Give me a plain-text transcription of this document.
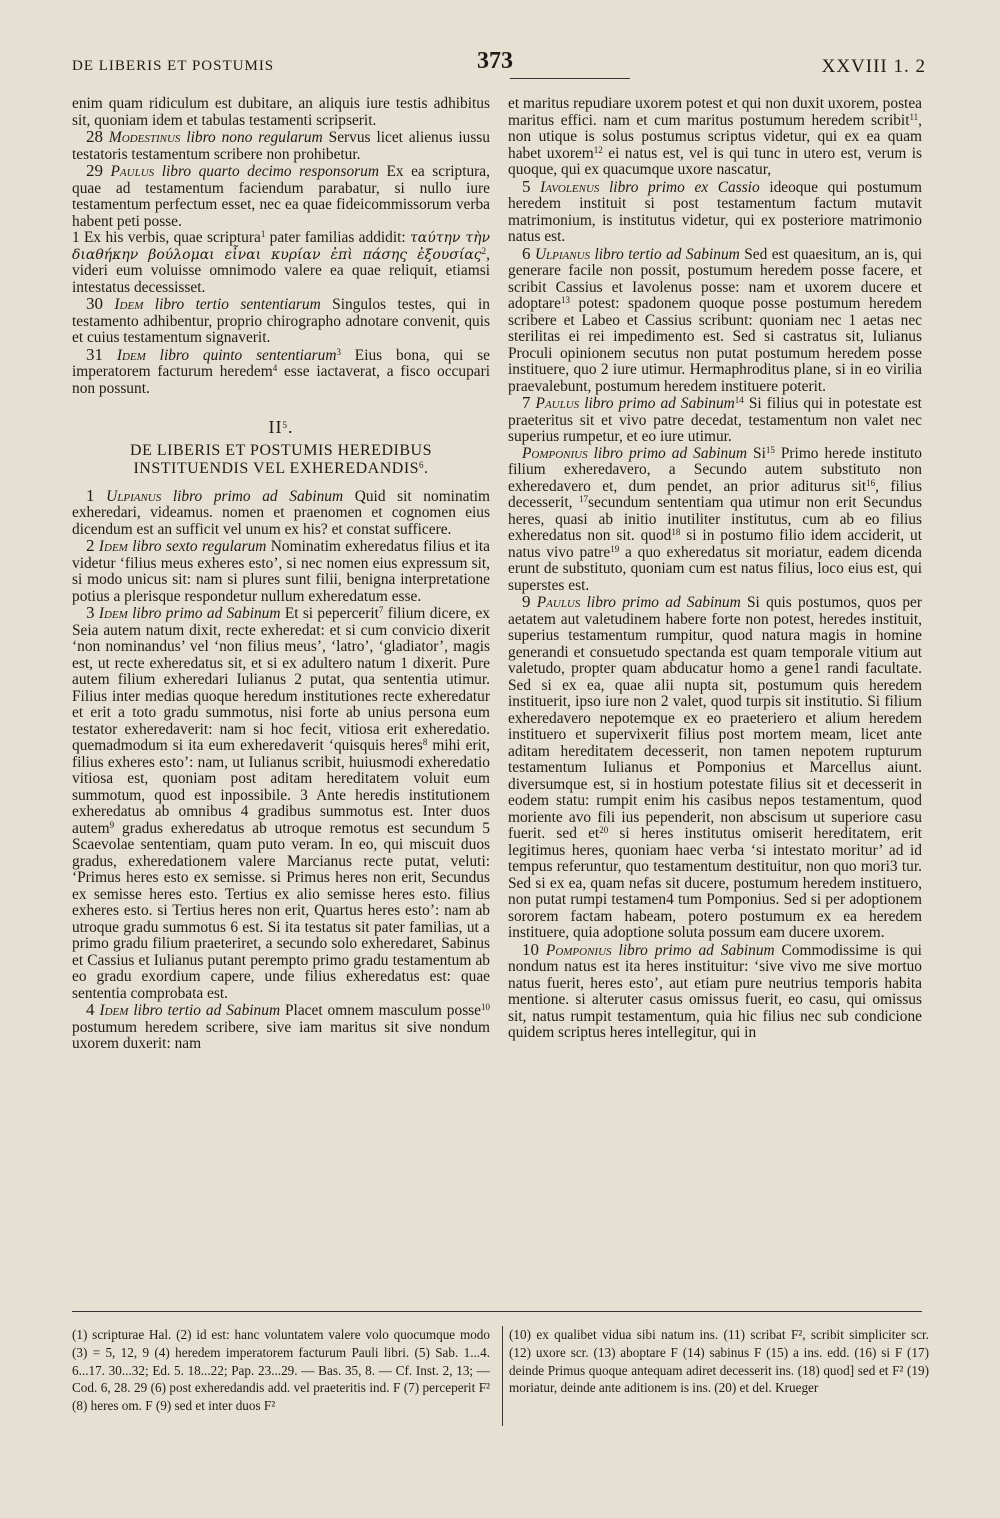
DE LIBERIS ET POSTUMIS	373	XXVIII 1. 2

enim quam ridiculum est dubitare, an aliquis iure testis adhibitus sit, quoniam idem et tabulas testamenti scripserit.

28 Modestinus libro nono regularum Servus licet alienus iussu testatoris testamentum scribere non prohibetur.

29 Paulus libro quarto decimo responsorum Ex ea scriptura, quae ad testamentum faciendum parabatur, si nullo iure testamentum perfectum esset, nec ea quae fideicommissorum verba habent peti posse.

1 Ex his verbis, quae scriptura$^1$ pater familias addidit: ταύτην τὴν διαθήκην βούλομαι εἶναι κυρίαν ἐπὶ πάσης ἐξουσίας$^2$, videri eum voluisse omnimodo valere ea quae reliquit, etiamsi intestatus decessisset.

30 Idem libro tertio sententiarum Singulos testes, qui in testamento adhibentur, proprio chirographo adnotare convenit, quis et cuius testamentum signaverit.

31 Idem libro quinto sententiarum$^3$ Eius bona, qui se imperatorem facturum heredem$^4$ esse iactaverat, a fisco occupari non possunt.

$II^5$.
DE LIBERIS ET POSTUMIS HEREDIBUS INSTITUENDIS VEL EXHEREDANDIS$^6$.

1 Ulpianus libro primo ad Sabinum Quid sit nominatim exheredari, videamus. nomen et praenomen et cognomen eius dicendum est an sufficit vel unum ex his? et constat sufficere.

2 Idem libro sexto regularum Nominatim exheredatus filius et ita videtur ‘filius meus exheres esto’, si nec nomen eius expressum sit, si modo unicus sit: nam si plures sunt filii, benigna interpretatione potius a plerisque respondetur nullum exheredatum esse.

3 Idem libro primo ad Sabinum Et si pepercerit$^7$ filium dicere, ex Seia autem natum dixit, recte exheredat: et si cum convicio dixerit ‘non nominandus’ vel ‘non filius meus’, ‘latro’, ‘gladiator’, magis est, ut recte exheredatus sit, et si ex adultero natum 1 dixerit. Pure autem filium exheredari Iulianus 2 putat, qua sententia utimur. Filius inter medias quoque heredum institutiones recte exheredatur et erit a toto gradu summotus, nisi forte ab unius persona eum testator exheredaverit: nam si hoc fecit, vitiosa erit exheredatio. quemadmodum si ita eum exheredaverit ‘quisquis heres$^8$ mihi erit, filius exheres esto’: nam, ut Iulianus scribit, huiusmodi exheredatio vitiosa est, quoniam post aditam hereditatem voluit eum summotum, quod est inpossibile. 3 Ante heredis institutionem exheredatus ab omnibus 4 gradibus summotus est. Inter duos autem$^9$ gradus exheredatus ab utroque remotus est secundum 5 Scaevolae sententiam, quam puto veram. In eo, qui miscuit duos gradus, exheredationem valere Marcianus recte putat, veluti: ‘Primus heres esto ex semisse. si Primus heres non erit, Secundus ex semisse heres esto. Tertius ex alio semisse heres esto. filius exheres esto. si Tertius heres non erit, Quartus heres esto’: nam ab utroque gradu summotus 6 est. Si ita testatus sit pater familias, ut a primo gradu filium praeteriret, a secundo solo exheredaret, Sabinus et Cassius et Iulianus putant perempto primo gradu testamentum ab eo gradu exordium capere, unde filius exheredatus est: quae sententia comprobata est.

4 Idem libro tertio ad Sabinum Placet omnem masculum posse$^{10}$ postumum heredem scribere, sive iam maritus sit sive nondum uxorem duxerit: nam

et maritus repudiare uxorem potest et qui non duxit uxorem, postea maritus effici. nam et cum maritus postumum heredem scribit$^{11}$, non utique is solus postumus scriptus videtur, qui ex ea quam habet uxorem$^{12}$ ei natus est, vel is qui tunc in utero est, verum is quoque, qui ex quacumque uxore nascatur,

5 Iavolenus libro primo ex Cassio ideoque qui postumum heredem instituit si post testamentum factum mutavit matrimonium, is institutus videtur, qui ex posteriore matrimonio natus est.

6 Ulpianus libro tertio ad Sabinum Sed est quaesitum, an is, qui generare facile non possit, postumum heredem posse facere, et scribit Cassius et Iavolenus posse: nam et uxorem ducere et adoptare$^{13}$ potest: spadonem quoque posse postumum heredem scribere et Labeo et Cassius scribunt: quoniam nec 1 aetas nec sterilitas ei rei impedimento est. Sed si castratus sit, Iulianus Proculi opinionem secutus non putat postumum heredem posse instituere, quo 2 iure utimur. Hermaphroditus plane, si in eo virilia praevalebunt, postumum heredem instituere poterit.

7 Paulus libro primo ad Sabinum$^{14}$ Si filius qui in potestate est praeteritus sit et vivo patre decedat, testamentum non valet nec superius rumpetur, et eo iure utimur.

Pomponius libro primo ad Sabinum Si$^{15}$ Primo herede instituto filium exheredavero, a Secundo autem substituto non exheredavero et, dum pendet, an prior aditurus sit$^{16}$, filius decesserit, $^{17}$secundum sententiam qua utimur non erit Secundus heres, quasi ab initio inutiliter institutus, cum ab eo filius exheredatus non sit. quod$^{18}$ si in postumo filio idem acciderit, ut natus vivo patre$^{19}$ a quo exheredatus sit moriatur, eadem dicenda erunt de substituto, quoniam cum est natus filius, loco eius est, qui superstes est.

9 Paulus libro primo ad Sabinum Si quis postumos, quos per aetatem aut valetudinem habere forte non potest, heredes instituit, superius testamentum rumpitur, quod natura magis in homine generandi et consuetudo spectanda est quam temporale vitium aut valetudo, propter quam abducatur homo a gene1 randi facultate. Sed si ex ea, quae alii nupta sit, postumum quis heredem instituerit, ipso iure non 2 valet, quod turpis sit institutio. Si filium exheredavero nepotemque ex eo praeteriero et alium heredem instituero et supervixerit filius post mortem meam, licet ante aditam hereditatem decesserit, non tamen nepotem rupturum testamentum Iulianus et Pomponius et Marcellus aiunt. diversumque est, si in hostium potestate filius sit et decesserit in eodem statu: rumpit enim his casibus nepos testamentum, quod moriente avo fili ius pependerit, non abscisum ut superiore casu fuerit. sed $et^{20}$ si heres institutus omiserit hereditatem, erit legitimus heres, quoniam haec verba ‘si intestato moritur’ ad id tempus referuntur, quo testamentum destituitur, non quo mori3 tur. Sed si ex ea, quam nefas sit ducere, postumum heredem instituero, non putat rumpi testamen4 tum Pomponius. Sed si per adoptionem sororem factam habeam, potero postumum ex ea heredem instituere, quia adoptione soluta possum eam ducere uxorem.

10 Pomponius libro primo ad Sabinum Commodissime is qui nondum natus est ita heres instituitur: ‘sive vivo me sive mortuo natus fuerit, heres esto’, aut etiam pure neutrius temporis habita mentione. si alteruter casus omissus fuerit, eo casu, qui omissus sit, natus rumpit testamentum, quia hic filius nec sub condicione quidem scriptus heres intellegitur, qui in

(1) scripturae Hal. (2) id est: hanc voluntatem valere volo quocumque modo (3) = 5, 12, 9 (4) heredem imperatorem facturum Pauli libri. (5) Sab. 1...4. 6...17. 30...32; Ed. 5. 18...22; Pap. 23...29. — Bas. 35, 8. — Cf. Inst. 2, 13; — Cod. 6, 28. 29 (6) post exheredandis add. vel praeteritis ind. F (7) perceperit F² (8) heres om. F (9) sed et inter duos F²

(10) ex qualibet vidua sibi natum ins. (11) scribat F², scribit simpliciter scr. (12) uxore scr. (13) aboptare F (14) sabinus F (15) a ins. edd. (16) si F (17) deinde Primus quoque antequam adiret decesserit ins. (18) quod] sed et F² (19) moriatur, deinde ante aditionem is ins. (20) et del. Krueger
